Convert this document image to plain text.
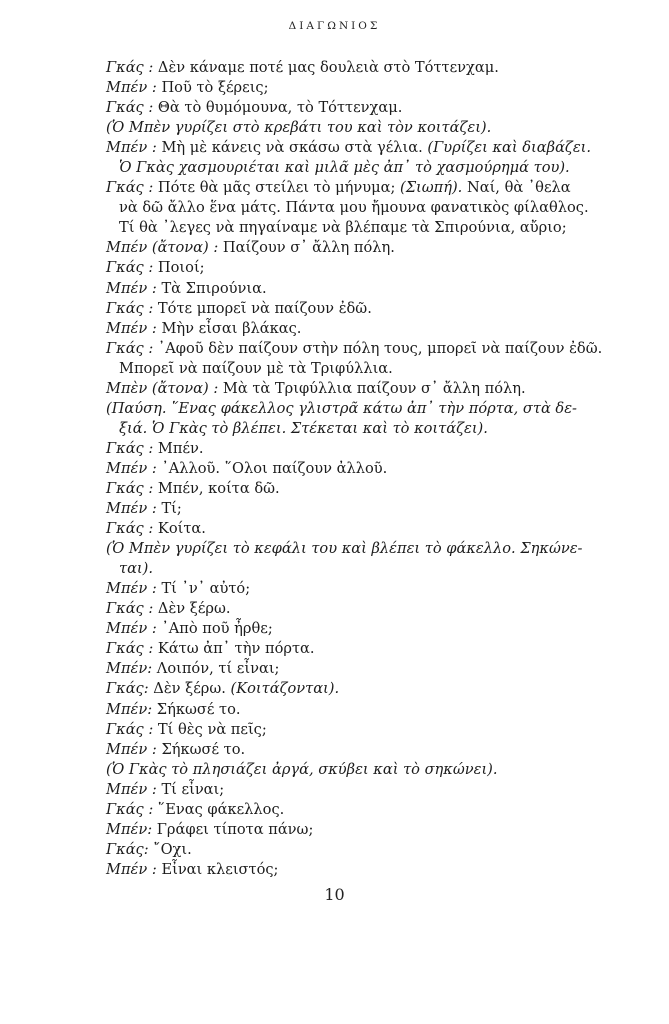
ΔΙΑΓΩΝΙΟΣ
Γκάς : Δὲν κάναμε ποτέ μας δουλειὰ στὸ Τόττενχαμ.
Μπέν : Ποῦ τὸ ξέρεις;
Γκάς : Θὰ τὸ θυμόμουνα, τὸ Τόττενχαμ.
(Ὁ Μπὲν γυρίζει στὸ κρεβάτι του καὶ τὸν κοιτάζει).
Μπέν : Μὴ μὲ κάνεις νὰ σκάσω στὰ γέλια. (Γυρίζει καὶ διαβάζει.
Ὁ Γκὰς χασμουριέται καὶ μιλᾶ μὲς ἀπ᾿ τὸ χασμούρημά του).
Γκάς : Πότε θὰ μᾶς στείλει τὸ μήνυμα; (Σιωπή). Ναί, θὰ ᾿θελα
νὰ δῶ ἄλλο ἕνα μάτς. Πάντα μου ἤμουνα φανατικὸς φίλαθλος.
Τί θὰ ᾿λεγες νὰ πηγαίναμε νὰ βλέπαμε τὰ Σπιρούνια, αὔριο;
Μπέν (ἄτονα) : Παίζουν σ᾿ ἄλλη πόλη.
Γκάς : Ποιοί;
Μπέν : Τὰ Σπιρούνια.
Γκάς : Τότε μπορεῖ νὰ παίζουν ἐδῶ.
Μπέν : Μὴν εἶσαι βλάκας.
Γκάς : ᾿Αφοῦ δὲν παίζουν στὴν πόλη τους, μπορεῖ νὰ παίζουν ἐδῶ.
Μπορεῖ νὰ παίζουν μὲ τὰ Τριφύλλια.
Μπὲν (ἄτονα) : Μὰ τὰ Τριφύλλια παίζουν σ᾿ ἄλλη πόλη.
(Παύση. ῞Ενας φάκελλος γλιστρᾶ κάτω ἀπ᾿ τὴν πόρτα, στὰ δε-
ξιά. Ὁ Γκὰς τὸ βλέπει. Στέκεται καὶ τὸ κοιτάζει).
Γκάς : Μπέν.
Μπέν : ᾿Αλλοῦ. ῞Ολοι παίζουν ἀλλοῦ.
Γκάς : Μπέν, κοίτα δῶ.
Μπέν : Τί;
Γκάς : Κοίτα.
(Ὁ Μπὲν γυρίζει τὸ κεφάλι του καὶ βλέπει τὸ φάκελλο. Σηκώνε-
ται).
Μπέν : Τί ᾿ν᾿ αὐτό;
Γκάς : Δὲν ξέρω.
Μπέν : ᾿Απὸ ποῦ ἦρθε;
Γκάς : Κάτω ἀπ᾿ τὴν πόρτα.
Μπέν: Λοιπόν, τί εἶναι;
Γκάς: Δὲν ξέρω. (Κοιτάζονται).
Μπέν: Σήκωσέ το.
Γκάς : Τί θὲς νὰ πεῖς;
Μπέν : Σήκωσέ το.
(Ὁ Γκὰς τὸ πλησιάζει ἀργά, σκύβει καὶ τὸ σηκώνει).
Μπέν : Τί εἶναι;
Γκάς : ῞Ενας φάκελλος.
Μπέν: Γράφει τίποτα πάνω;
Γκάς: ῎Οχι.
Μπέν : Εἶναι κλειστός;
10
